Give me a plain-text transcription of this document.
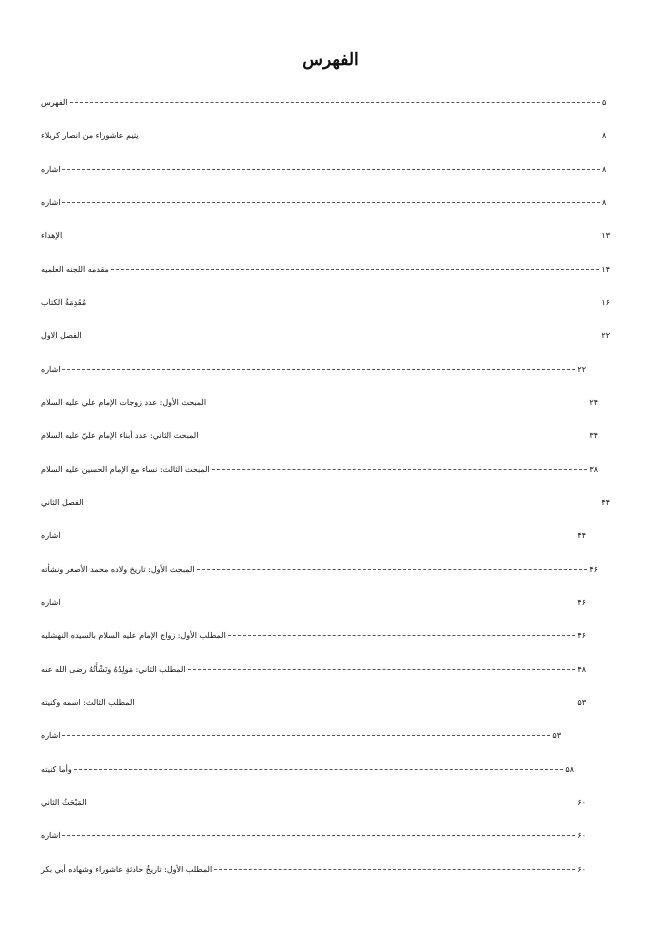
الفهرس
الفهرس	۵
يتيم عاشوراء من انصار كربلاء	۸
اشاره	۸
اشاره	۸
الإهداء	۱۳
مقدمه اللجنه العلميه	۱۴
مُقَدِمَةُ الكتاب	۱۶
الفصل الاول	۲۲
اشاره	۲۲
المبحث الأول: عدد زوجات الإمام علي عليه السلام	۲۴
المبحث الثاني: عدد أبناء الإمام عليّ عليه السلام	۳۴
المبحث الثالث: نساء مع الإمام الحسين عليه السلام	۳۸
الفصل الثاني	۴۴
اشاره	۴۴
المبحث الأول: تاريخ ولاده محمد الأصغر ونشأته	۴۶
اشاره	۴۶
المطلب الأول: زواج الإمام عليه السلام بالسيده النهشليه	۴۶
المطلب الثاني: مَولِدُهُ ونَشْأَتُهُ رضى الله عنه	۴۸
المطلب الثالث: اسمه وكنيته	۵۳
اشاره	۵۳
وأما كنيته	۵۸
المَبْحَثُ الثاني	۶۰
اشاره	۶۰
المطلب الأول: تاريخُ حادثةِ عاشوراء وشهاده أبي بكر	۶۰
